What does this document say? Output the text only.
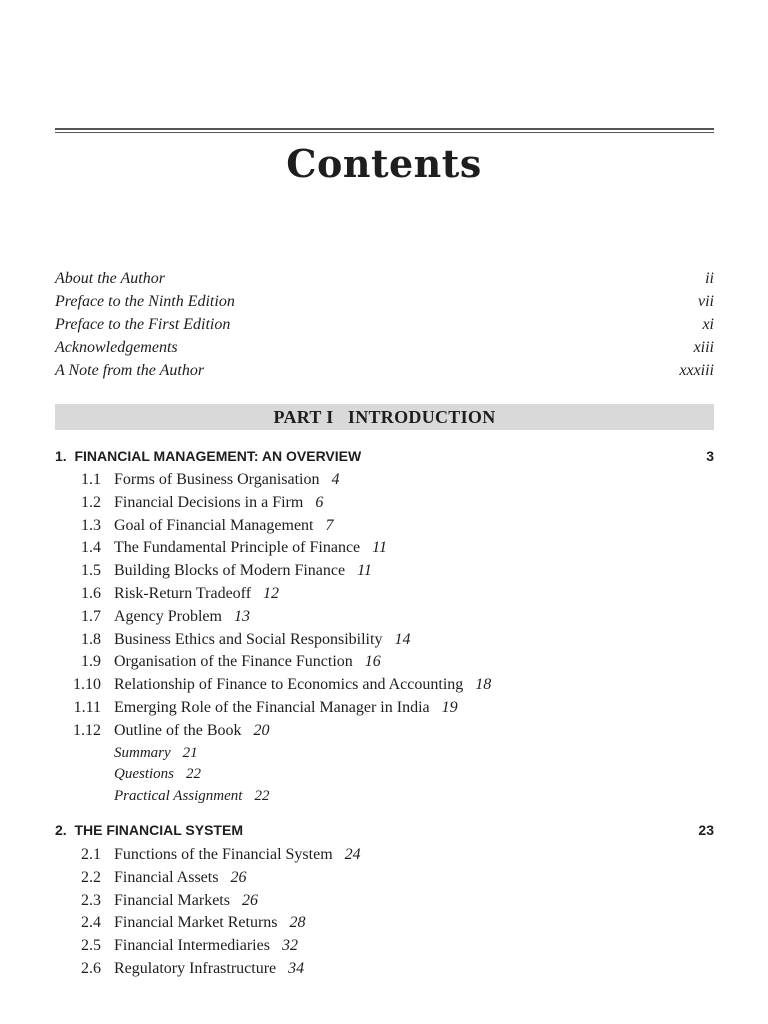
Contents
About the Author	ii
Preface to the Ninth Edition	vii
Preface to the First Edition	xi
Acknowledgements	xiii
A Note from the Author	xxxiii
PART I   INTRODUCTION
1.  FINANCIAL MANAGEMENT: AN OVERVIEW	3
1.1 Forms of Business Organisation 4
1.2 Financial Decisions in a Firm 6
1.3 Goal of Financial Management 7
1.4 The Fundamental Principle of Finance 11
1.5 Building Blocks of Modern Finance 11
1.6 Risk-Return Tradeoff 12
1.7 Agency Problem 13
1.8 Business Ethics and Social Responsibility 14
1.9 Organisation of the Finance Function 16
1.10 Relationship of Finance to Economics and Accounting 18
1.11 Emerging Role of the Financial Manager in India 19
1.12 Outline of the Book 20
Summary 21
Questions 22
Practical Assignment 22
2.  THE FINANCIAL SYSTEM	23
2.1 Functions of the Financial System 24
2.2 Financial Assets 26
2.3 Financial Markets 26
2.4 Financial Market Returns 28
2.5 Financial Intermediaries 32
2.6 Regulatory Infrastructure 34
